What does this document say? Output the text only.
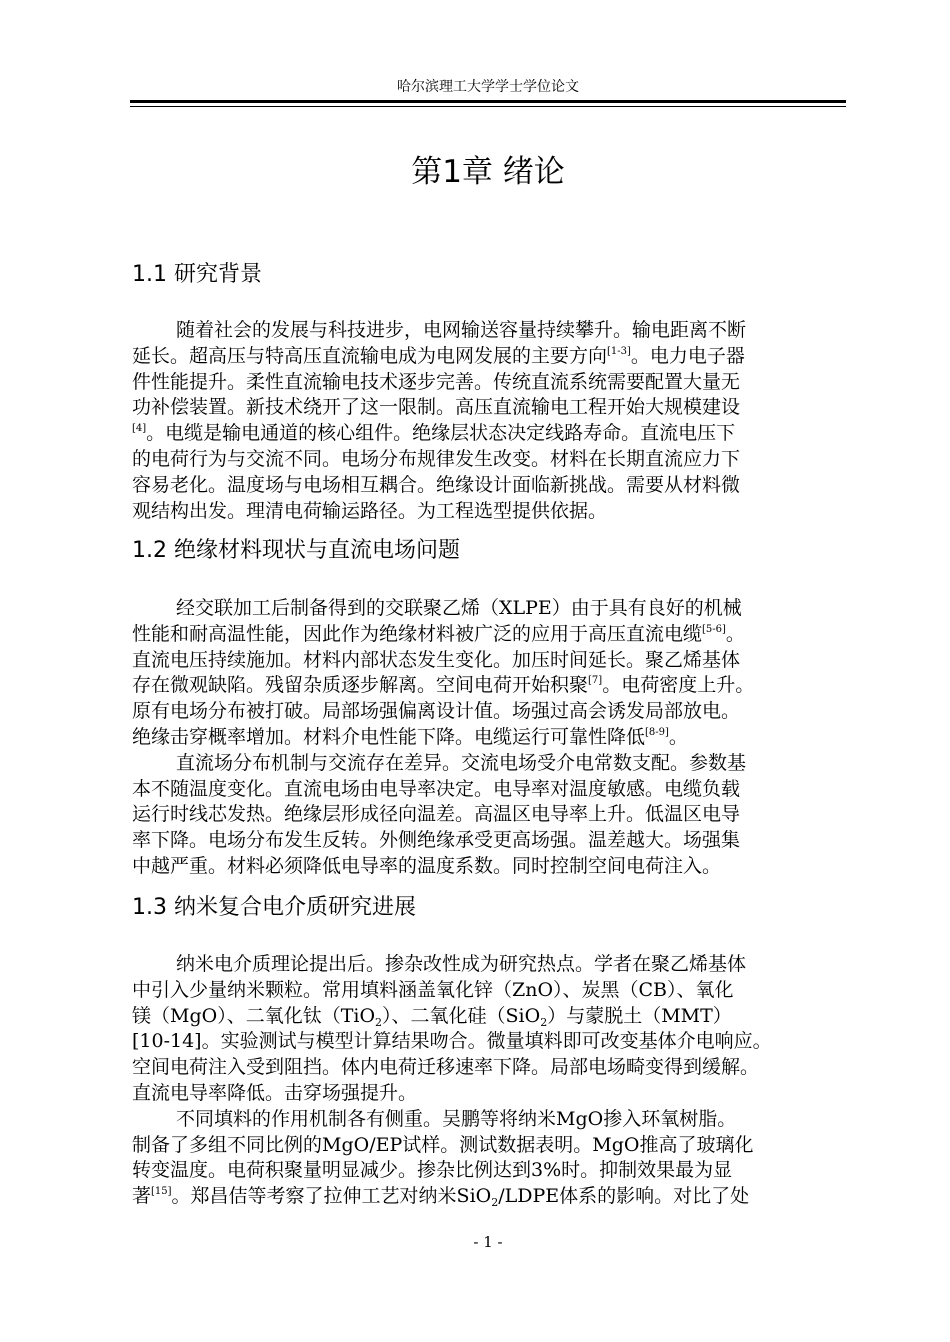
哈尔滨理工大学学士学位论文
第1章 绪论
1.1 研究背景
随着社会的发展与科技进步，电网输送容量持续攀升。输电距离不断
延长。超高压与特高压直流输电成为电网发展的主要方向[1-3]。电力电子器
件性能提升。柔性直流输电技术逐步完善。传统直流系统需要配置大量无
功补偿装置。新技术绕开了这一限制。高压直流输电工程开始大规模建设
[4]。电缆是输电通道的核心组件。绝缘层状态决定线路寿命。直流电压下
的电荷行为与交流不同。电场分布规律发生改变。材料在长期直流应力下
容易老化。温度场与电场相互耦合。绝缘设计面临新挑战。需要从材料微
观结构出发。理清电荷输运路径。为工程选型提供依据。
1.2 绝缘材料现状与直流电场问题
经交联加工后制备得到的交联聚乙烯（XLPE）由于具有良好的机械
性能和耐高温性能，因此作为绝缘材料被广泛的应用于高压直流电缆[5-6]。
直流电压持续施加。材料内部状态发生变化。加压时间延长。聚乙烯基体
存在微观缺陷。残留杂质逐步解离。空间电荷开始积聚[7]。电荷密度上升。
原有电场分布被打破。局部场强偏离设计值。场强过高会诱发局部放电。
绝缘击穿概率增加。材料介电性能下降。电缆运行可靠性降低[8-9]。
直流场分布机制与交流存在差异。交流电场受介电常数支配。参数基
本不随温度变化。直流电场由电导率决定。电导率对温度敏感。电缆负载
运行时线芯发热。绝缘层形成径向温差。高温区电导率上升。低温区电导
率下降。电场分布发生反转。外侧绝缘承受更高场强。温差越大。场强集
中越严重。材料必须降低电导率的温度系数。同时控制空间电荷注入。
1.3 纳米复合电介质研究进展
纳米电介质理论提出后。掺杂改性成为研究热点。学者在聚乙烯基体
中引入少量纳米颗粒。常用填料涵盖氧化锌（ZnO）、炭黑（CB）、氧化
镁（MgO）、二氧化钛（TiO$_2$）、二氧化硅（SiO$_2$）与蒙脱土（MMT）
[10-14]。实验测试与模型计算结果吻合。微量填料即可改变基体介电响应。
空间电荷注入受到阻挡。体内电荷迁移速率下降。局部电场畸变得到缓解。
直流电导率降低。击穿场强提升。
不同填料的作用机制各有侧重。吴鹏等将纳米MgO掺入环氧树脂。
制备了多组不同比例的MgO/EP试样。测试数据表明。MgO推高了玻璃化
转变温度。电荷积聚量明显减少。掺杂比例达到3%时。抑制效果最为显
著[15]。郑昌佶等考察了拉伸工艺对纳米SiO$_2$/LDPE体系的影响。对比了处
- 1 -
